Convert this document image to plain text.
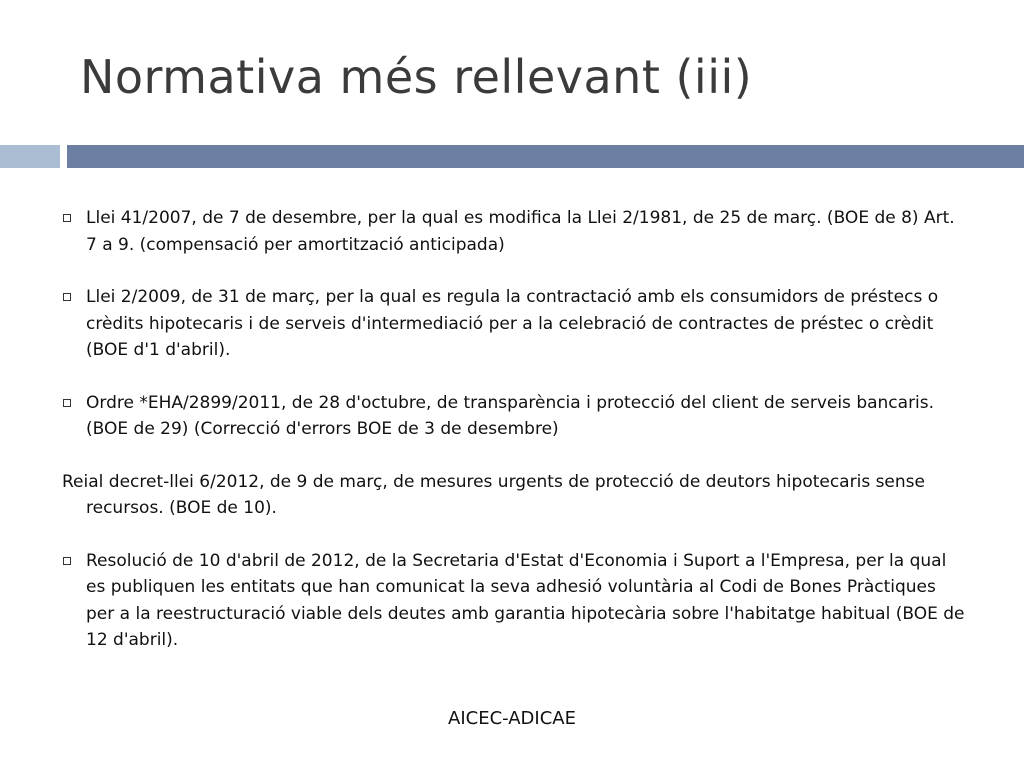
Normativa més rellevant (iii)
Llei 41/2007, de 7 de desembre, per la qual es modifica la Llei 2/1981, de 25 de març. (BOE de 8) Art. 7 a 9. (compensació per amortització anticipada)
Llei 2/2009, de 31 de març, per la qual es regula la contractació amb els consumidors de préstecs o crèdits hipotecaris i de serveis d'intermediació per a la celebració de contractes de préstec o crèdit (BOE d'1 d'abril).
Ordre *EHA/2899/2011, de 28 d'octubre, de transparència i protecció del client de serveis bancaris. (BOE de 29) (Correcció d'errors BOE de 3 de desembre)
Reial decret-llei 6/2012, de 9 de març, de mesures urgents de protecció de deutors hipotecaris sense recursos. (BOE de 10).
Resolució de 10 d'abril de 2012, de la Secretaria d'Estat d'Economia i Suport a l'Empresa, per la qual es publiquen les entitats que han comunicat la seva adhesió voluntària al Codi de Bones Pràctiques per a la reestructuració viable dels deutes amb garantia hipotecària sobre l'habitatge habitual (BOE de 12 d'abril).
AICEC-ADICAE
